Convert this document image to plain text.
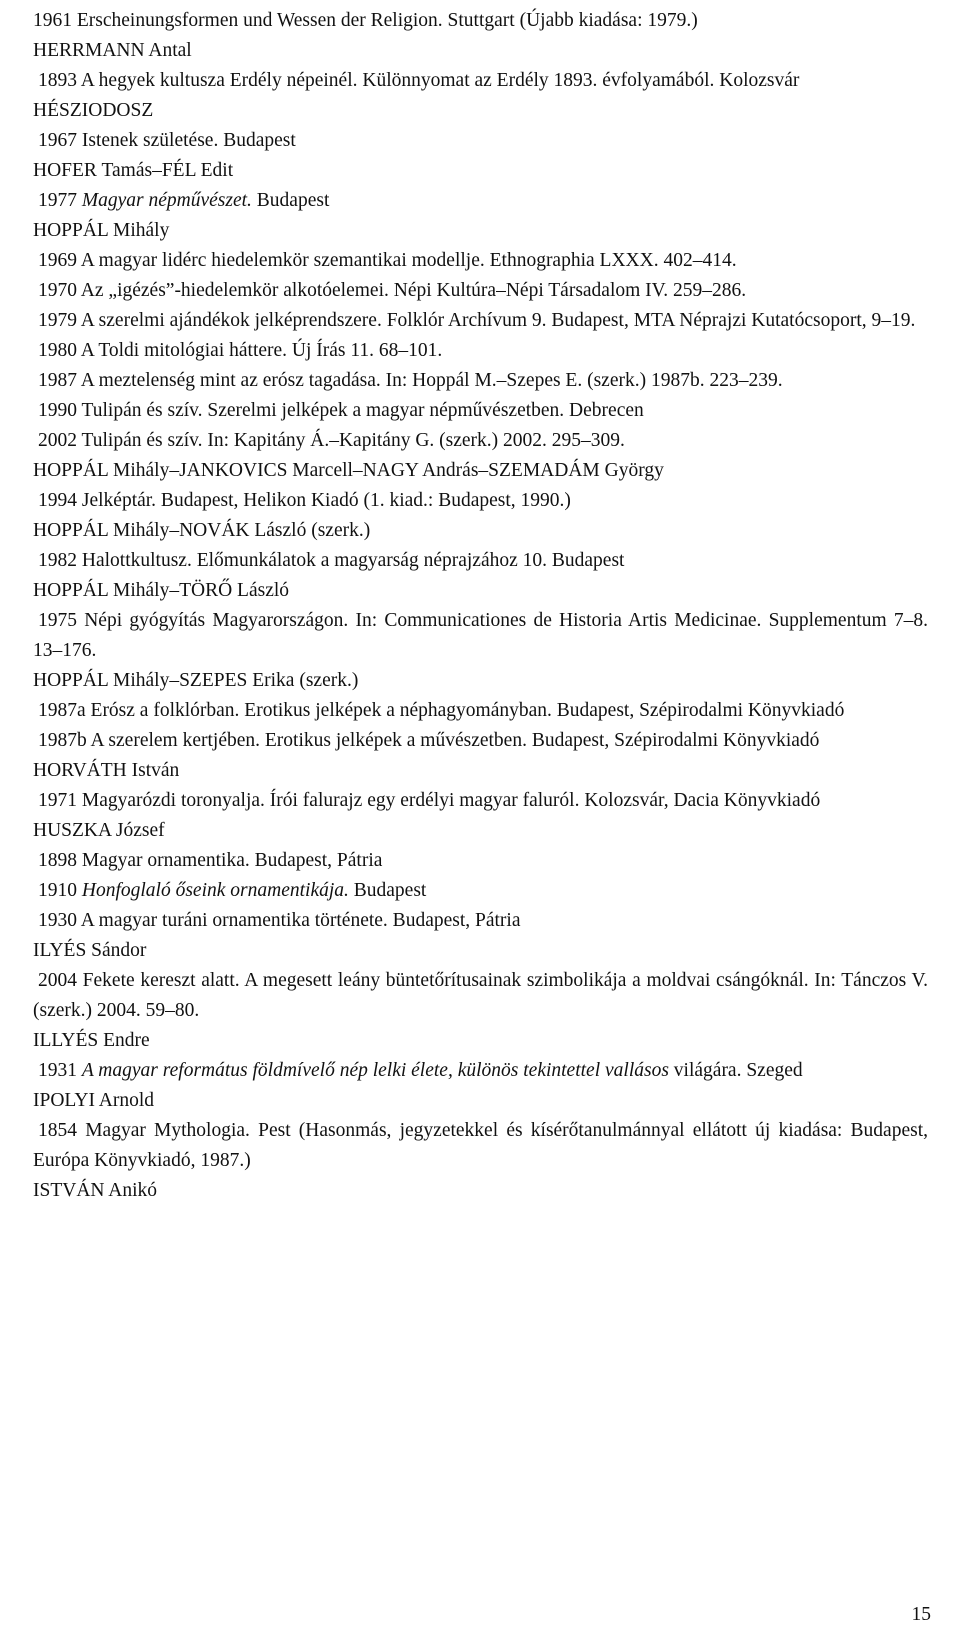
1961 Erscheinungsformen und Wessen der Religion. Stuttgart (Újabb kiadása: 1979.)
HERRMANN Antal
1893 A hegyek kultusza Erdély népeinél. Különnyomat az Erdély 1893. évfolyamából. Kolozsvár
HÉSZIODOSZ
1967 Istenek születése. Budapest
HOFER Tamás–FÉL Edit
1977 Magyar népművészet. Budapest
HOPPÁL Mihály
1969 A magyar lidérc hiedelemkör szemantikai modellje. Ethnographia LXXX. 402–414.
1970 Az „igézés”-hiedelemkör alkotóelemei. Népi Kultúra–Népi Társadalom IV. 259–286.
1979 A szerelmi ajándékok jelképrendszere. Folklór Archívum 9. Budapest, MTA Néprajzi Kutatócsoport, 9–19.
1980 A Toldi mitológiai háttere. Új Írás 11. 68–101.
1987 A meztelenség mint az erósz tagadása. In: Hoppál M.–Szepes E. (szerk.) 1987b. 223–239.
1990 Tulipán és szív. Szerelmi jelképek a magyar népművészetben. Debrecen
2002 Tulipán és szív. In: Kapitány Á.–Kapitány G. (szerk.) 2002. 295–309.
HOPPÁL Mihály–JANKOVICS Marcell–NAGY András–SZEMADÁM György
1994 Jelképtár. Budapest, Helikon Kiadó (1. kiad.: Budapest, 1990.)
HOPPÁL Mihály–NOVÁK László (szerk.)
1982 Halottkultusz. Előmunkálatok a magyarság néprajzához 10. Budapest
HOPPÁL Mihály–TÖRŐ László
1975 Népi gyógyítás Magyarországon. In: Communicationes de Historia Artis Medicinae. Supplementum 7–8. 13–176.
HOPPÁL Mihály–SZEPES Erika (szerk.)
1987a Erósz a folklórban. Erotikus jelképek a néphagyományban. Budapest, Szépirodalmi Könyvkiadó
1987b A szerelem kertjében. Erotikus jelképek a művészetben. Budapest, Szépirodalmi Könyvkiadó
HORVÁTH István
1971 Magyarózdi toronyalja. Írói falurajz egy erdélyi magyar faluról. Kolozsvár, Dacia Könyvkiadó
HUSZKA József
1898 Magyar ornamentika. Budapest, Pátria
1910 Honfoglaló őseink ornamentikája. Budapest
1930 A magyar turáni ornamentika története. Budapest, Pátria
ILYÉS Sándor
2004 Fekete kereszt alatt. A megesett leány büntetőrítusainak szimbolikája a moldvai csángóknál. In: Tánczos V. (szerk.) 2004. 59–80.
ILLYÉS Endre
1931 A magyar református földmívelő nép lelki élete, különös tekintettel vallásos világára. Szeged
IPOLYI Arnold
1854 Magyar Mythologia. Pest (Hasonmás, jegyzetekkel és kísérőtanulmánnyal ellátott új kiadása: Budapest, Európa Könyvkiadó, 1987.)
ISTVÁN Anikó
15
